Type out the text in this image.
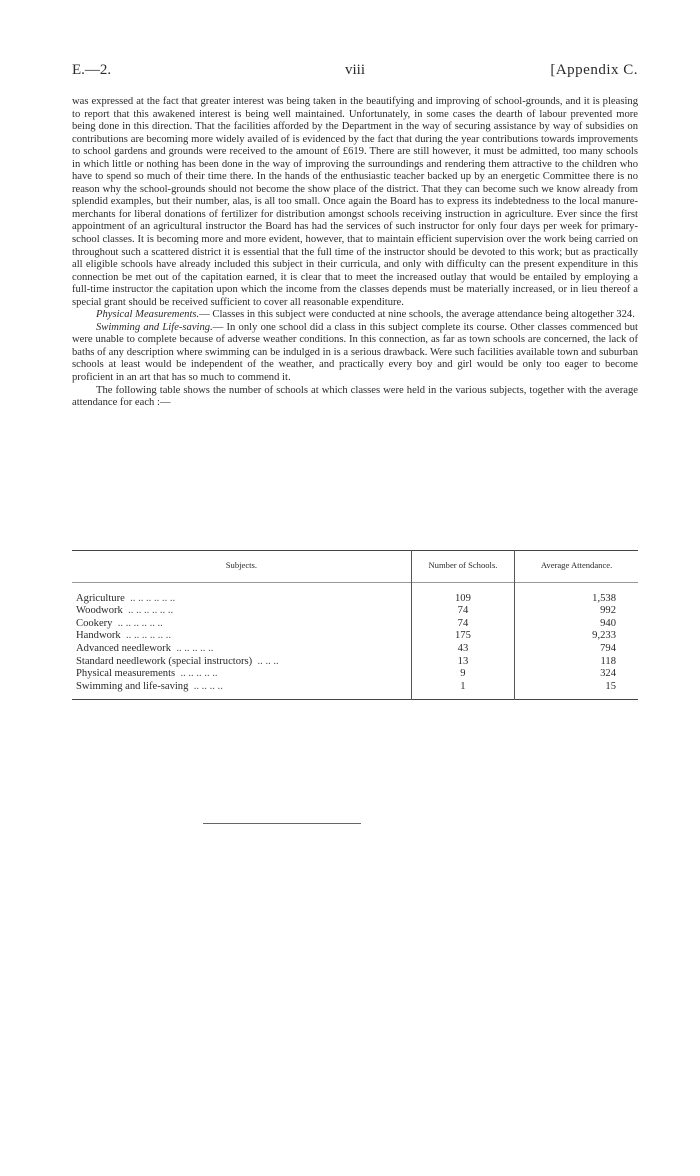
E.—2.	viii	[Appendix C.

was expressed at the fact that greater interest was being taken in the beautifying and improving of school-grounds, and it is pleasing to report that this awakened interest is being well maintained. Unfortunately, in some cases the dearth of labour prevented more being done in this direction. That the facilities afforded by the Department in the way of securing assistance by way of subsidies on contributions are becoming more widely availed of is evidenced by the fact that during the year contributions towards improvements to school gardens and grounds were received to the amount of £619. There are still however, it must be admitted, too many schools in which little or nothing has been done in the way of improving the surroundings and rendering them attractive to the children who have to spend so much of their time there. In the hands of the enthusiastic teacher backed up by an energetic Committee there is no reason why the school-grounds should not become the show place of the district. That they can become such we know already from splendid examples, but their number, alas, is all too small. Once again the Board has to express its indebtedness to the local manure-merchants for liberal donations of fertilizer for distribution amongst schools receiving instruction in agriculture. Ever since the first appointment of an agricultural instructor the Board has had the services of such instructor for only four days per week for primary-school classes. It is becoming more and more evident, however, that to maintain efficient supervision over the work being carried on throughout such a scattered district it is essential that the full time of the instructor should be devoted to this work; but as practically all eligible schools have already included this subject in their curricula, and only with difficulty can the present expenditure in this connection be met out of the capitation earned, it is clear that to meet the increased outlay that would be entailed by employing a full-time instructor the capitation upon which the income from the classes depends must be materially increased, or in lieu thereof a special grant should be received sufficient to cover all reasonable expenditure.

Physical Measurements.— Classes in this subject were conducted at nine schools, the average attendance being altogether 324.

Swimming and Life-saving.— In only one school did a class in this subject complete its course. Other classes commenced but were unable to complete because of adverse weather conditions. In this connection, as far as town schools are concerned, the lack of baths of any description where swimming can be indulged in is a serious drawback. Were such facilities available town and suburban schools at least would be independent of the weather, and practically every boy and girl would be only too eager to become proficient in an art that has so much to commend it.

The following table shows the number of schools at which classes were held in the various subjects, together with the average attendance for each :—

Subjects.	Number of Schools.	Average Attendance.
Agriculture .. .. .. .. .. ..	109	1,538
Woodwork .. .. .. .. .. ..	74	992
Cookery .. .. .. .. .. ..	74	940
Handwork .. .. .. .. .. ..	175	9,233
Advanced needlework .. .. .. .. ..	43	794
Standard needlework (special instructors) .. .. ..	13	118
Physical measurements .. .. .. .. ..	9	324
Swimming and life-saving .. .. .. ..	1	15
